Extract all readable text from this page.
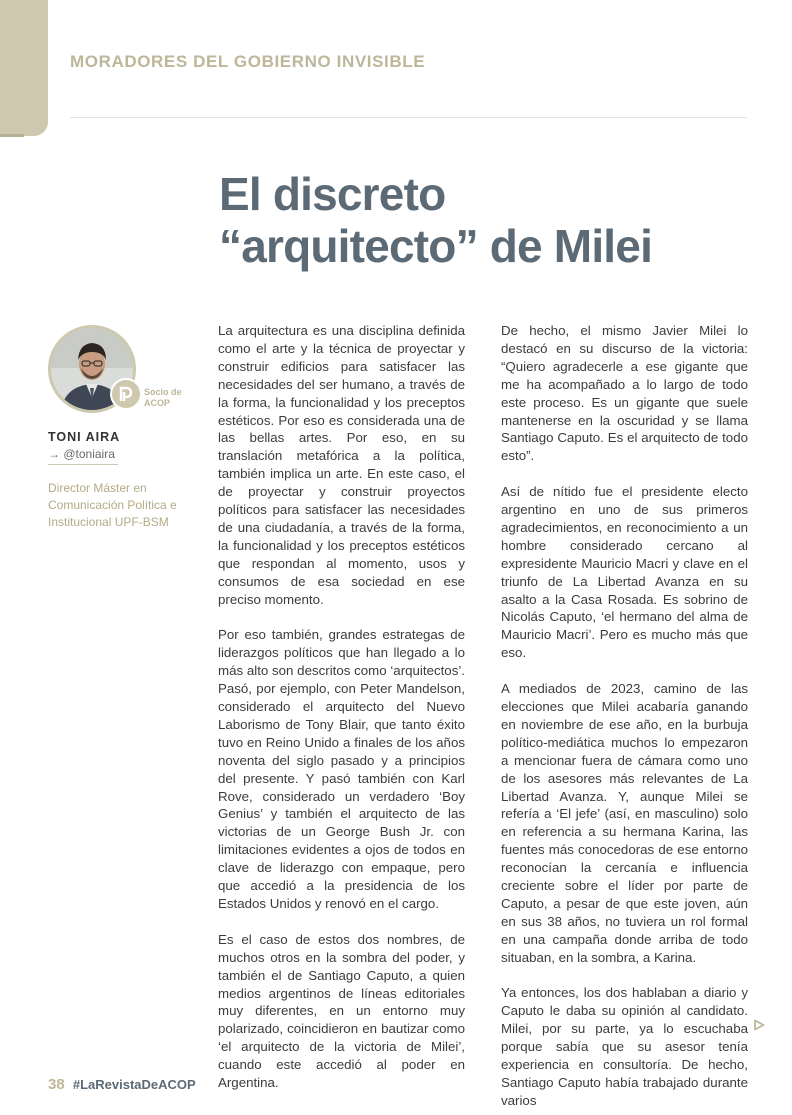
MORADORES DEL GOBIERNO INVISIBLE
El discreto
“arquitecto” de Milei
Socio de
ACOP
TONI AIRA
→ @toniaira
Director Máster en Comunicación Política e Institucional UPF-BSM

La arquitectura es una disciplina definida como el arte y la técnica de proyectar y construir edificios para satisfacer las necesidades del ser humano, a través de la forma, la funcionalidad y los preceptos estéticos. Por eso es considerada una de las bellas artes. Por eso, en su translación metafórica a la política, también implica un arte. En este caso, el de proyectar y construir proyectos políticos para satisfacer las necesidades de una ciudadanía, a través de la forma, la funcionalidad y los preceptos estéticos que respondan al momento, usos y consumos de esa sociedad en ese preciso momento.

Por eso también, grandes estrategas de liderazgos políticos que han llegado a lo más alto son descritos como ‘arquitectos’. Pasó, por ejemplo, con Peter Mandelson, considerado el arquitecto del Nuevo Laborismo de Tony Blair, que tanto éxito tuvo en Reino Unido a finales de los años noventa del siglo pasado y a principios del presente. Y pasó también con Karl Rove, considerado un verdadero ‘Boy Genius’ y también el arquitecto de las victorias de un George Bush Jr. con limitaciones evidentes a ojos de todos en clave de liderazgo con empaque, pero que accedió a la presidencia de los Estados Unidos y renovó en el cargo.

Es el caso de estos dos nombres, de muchos otros en la sombra del poder, y también el de Santiago Caputo, a quien medios argentinos de líneas editoriales muy diferentes, en un entorno muy polarizado, coincidieron en bautizar como ‘el arquitecto de la victoria de Milei’, cuando este accedió al poder en Argentina.

De hecho, el mismo Javier Milei lo destacó en su discurso de la victoria: “Quiero agradecerle a ese gigante que me ha acompañado a lo largo de todo este proceso. Es un gigante que suele mantenerse en la oscuridad y se llama Santiago Caputo. Es el arquitecto de todo esto”.

Así de nítido fue el presidente electo argentino en uno de sus primeros agradecimientos, en reconocimiento a un hombre considerado cercano al expresidente Mauricio Macri y clave en el triunfo de La Libertad Avanza en su asalto a la Casa Rosada. Es sobrino de Nicolás Caputo, ‘el hermano del alma de Mauricio Macri’. Pero es mucho más que eso.

A mediados de 2023, camino de las elecciones que Milei acabaría ganando en noviembre de ese año, en la burbuja político-mediática muchos lo empezaron a mencionar fuera de cámara como uno de los asesores más relevantes de La Libertad Avanza. Y, aunque Milei se refería a ‘El jefe’ (así, en masculino) solo en referencia a su hermana Karina, las fuentes más conocedoras de ese entorno reconocían la cercanía e influencia creciente sobre el líder por parte de Caputo, a pesar de que este joven, aún en sus 38 años, no tuviera un rol formal en una campaña donde arriba de todo situaban, en la sombra, a Karina.

Ya entonces, los dos hablaban a diario y Caputo le daba su opinión al candidato. Milei, por su parte, ya lo escuchaba porque sabía que su asesor tenía experiencia en consultoría. De hecho, Santiago Caputo había trabajado durante varios

38 #LaRevistaDeACOP
